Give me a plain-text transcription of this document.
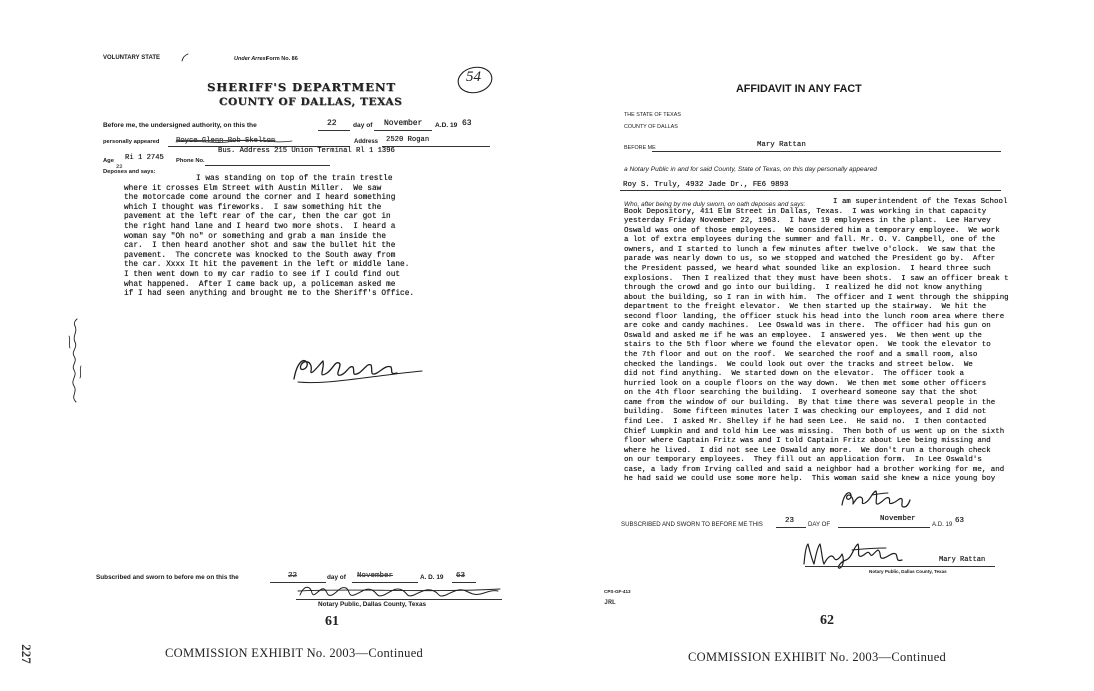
VOLUNTARY STATE	Under Arrest
Form No. 86
SHERIFF'S DEPARTMENT
COUNTY OF DALLAS, TEXAS
54
Before me, the undersigned authority, on this the	22 day of November A.D. 19 63
personally appeared Royce Glenn Rob Skelton	Address 2520 Rogan
Bus. Address 215 Union Terminal Rl 1 1396
Age
22
Ri 1 2745 Phone No.
Deposes and says:
I was standing on top of the train trestle
where it crosses Elm Street with Austin Miller.  We saw
the motorcade come around the corner and I heard something
which I thought was fireworks.  I saw something hit the
pavement at the left rear of the car, then the car got in
the right hand lane and I heard two more shots.  I heard a
woman say "Oh no" or something and grab a man inside the
car.  I then heard another shot and saw the bullet hit the
pavement.  The concrete was knocked to the South away from
the car. Xxxx It hit the pavement in the left or middle lane.
I then went down to my car radio to see if I could find out
what happened.  After I came back up, a policeman asked me
if I had seen anything and brought me to the Sheriff's Office.
Subscribed and sworn to before me on this the	22	day of November	A. D. 19 63
Notary Public, Dallas County, Texas
61
COMMISSION EXHIBIT No. 2003—Continued
227
AFFIDAVIT IN ANY FACT
THE STATE OF TEXAS
COUNTY OF DALLAS
BEFORE ME	Mary Rattan
a Notary Public in and for said County, State of Texas, on this day personally appeared
Roy S. Truly, 4932 Jade Dr., FE6 9893
Who, after being by me duly sworn, on oath deposes and says:	I am superintendent of the Texas School
Book Depository, 411 Elm Street in Dallas, Texas.  I was working in that capacity
yesterday Friday November 22, 1963.  I have 19 employees in the plant.  Lee Harvey
Oswald was one of those employees.  We considered him a temporary employee.  We work
a lot of extra employees during the summer and fall. Mr. O. V. Campbell, one of the
owners, and I started to lunch a few minutes after twelve o'clock.  We saw that the
parade was nearly down to us, so we stopped and watched the President go by.  After
the President passed, we heard what sounded like an explosion.  I heard three such
explosions.  Then I realized that they must have been shots.  I saw an officer break t
through the crowd and go into our building.  I realized he did not know anything
about the building, so I ran in with him.  The officer and I went through the shipping
department to the freight elevator.  We then started up the stairway.  We hit the
second floor landing, the officer stuck his head into the lunch room area where there
are coke and candy machines.  Lee Oswald was in there.  The officer had his gun on
Oswald and asked me if he was an employee.  I answered yes.  We then went up the
stairs to the 5th floor where we found the elevator open.  We took the elevator to
the 7th floor and out on the roof.  We searched the roof and a small room, also
checked the landings.  We could look out over the tracks and street below.  We
did not find anything.  We started down on the elevator.  The officer took a
hurried look on a couple floors on the way down.  We then met some other officers
on the 4th floor searching the building.  I overheard someone say that the shot
came from the window of our building.  By that time there was several people in the
building.  Some fifteen minutes later I was checking our employees, and I did not
find Lee.  I asked Mr. Shelley if he had seen Lee.  He said no.  I then contacted
Chief Lumpkin and and told him Lee was missing.  Then both of us went up on the sixth
floor where Captain Fritz was and I told Captain Fritz about Lee being missing and
where he lived.  I did not see Lee Oswald any more.  We don't run a thorough check
on our temporary employees.  They fill out an application form.  In Lee Oswald's
case, a lady from Irving called and said a neighbor had a brother working for me, and
he had said we could use some more help.  This woman said she knew a nice young boy
SUBSCRIBED AND SWORN TO BEFORE ME THIS	23 DAY OF
November
A.D. 19 63
Mary Rattan
Notary Public, Dallas County, Texas
CPS-GF-413
JRL
62
COMMISSION EXHIBIT No. 2003—Continued
